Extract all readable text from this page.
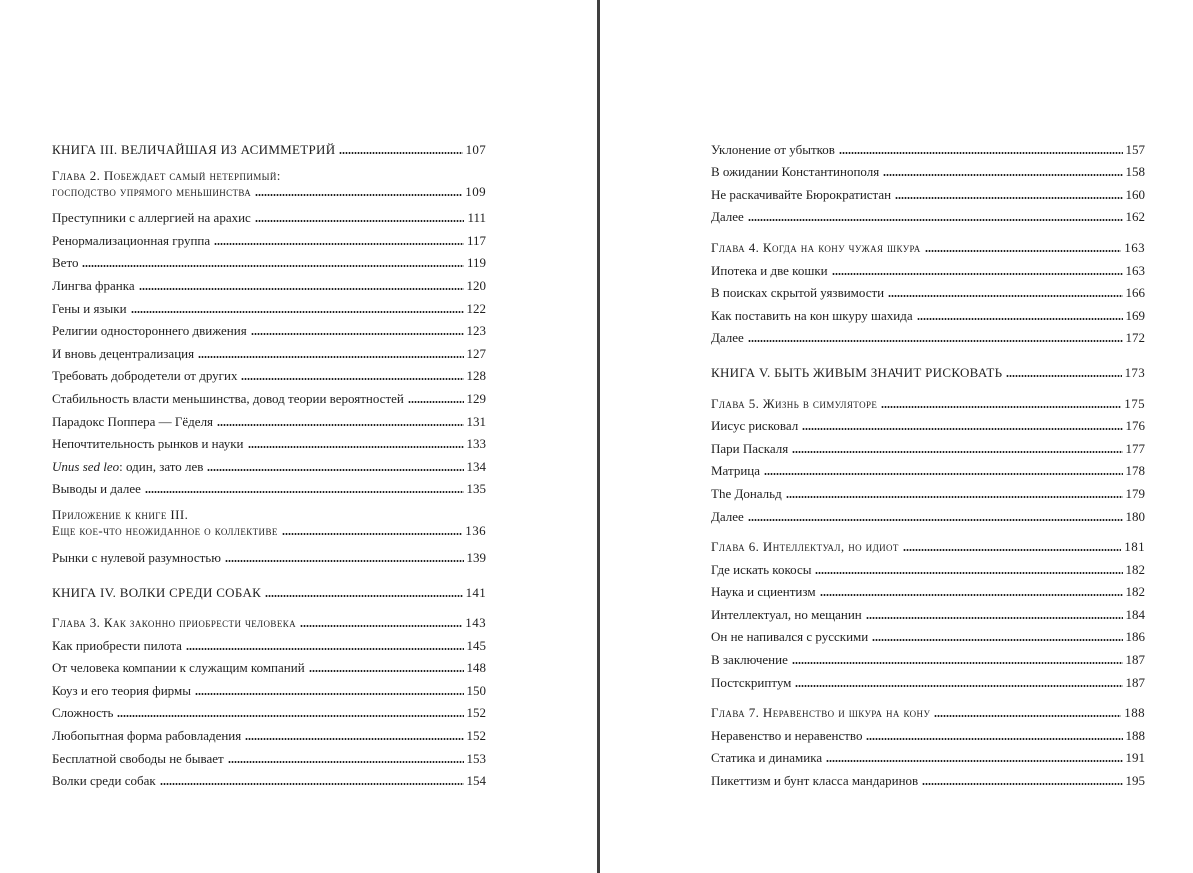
КНИГА III. ВЕЛИЧАЙШАЯ ИЗ АСИММЕТРИЙ	107
Глава 2. Побеждает самый нетерпимый:
господство упрямого меньшинства	109
Преступники с аллергией на арахис	111
Ренормализационная группа	117
Вето	119
Лингва франка	120
Гены и языки	122
Религии одностороннего движения	123
И вновь децентрализация	127
Требовать добродетели от других	128
Стабильность власти меньшинства, довод теории вероятностей	129
Парадокс Поппера — Гёделя	131
Непочтительность рынков и науки	133
Unus sed leo: один, зато лев	134
Выводы и далее	135
Приложение к книге III.
Еще кое-что неожиданное о коллективе	136
Рынки с нулевой разумностью	139
КНИГА IV. ВОЛКИ СРЕДИ СОБАК	141
Глава 3. Как законно приобрести человека	143
Как приобрести пилота	145
От человека компании к служащим компаний	148
Коуз и его теория фирмы	150
Сложность	152
Любопытная форма рабовладения	152
Бесплатной свободы не бывает	153
Волки среди собак	154
Уклонение от убытков	157
В ожидании Константинополя	158
Не раскачивайте Бюрократистан	160
Далее	162
Глава 4. Когда на кону чужая шкура	163
Ипотека и две кошки	163
В поисках скрытой уязвимости	166
Как поставить на кон шкуру шахида	169
Далее	172
КНИГА V. БЫТЬ ЖИВЫМ ЗНАЧИТ РИСКОВАТЬ	173
Глава 5. Жизнь в симуляторе	175
Иисус рисковал	176
Пари Паскаля	177
Матрица	178
The Дональд	179
Далее	180
Глава 6. Интеллектуал, но идиот	181
Где искать кокосы	182
Наука и сциентизм	182
Интеллектуал, но мещанин	184
Он не напивался с русскими	186
В заключение	187
Постскриптум	187
Глава 7. Неравенство и шкура на кону	188
Неравенство и неравенство	188
Статика и динамика	191
Пикеттизм и бунт класса мандаринов	195
